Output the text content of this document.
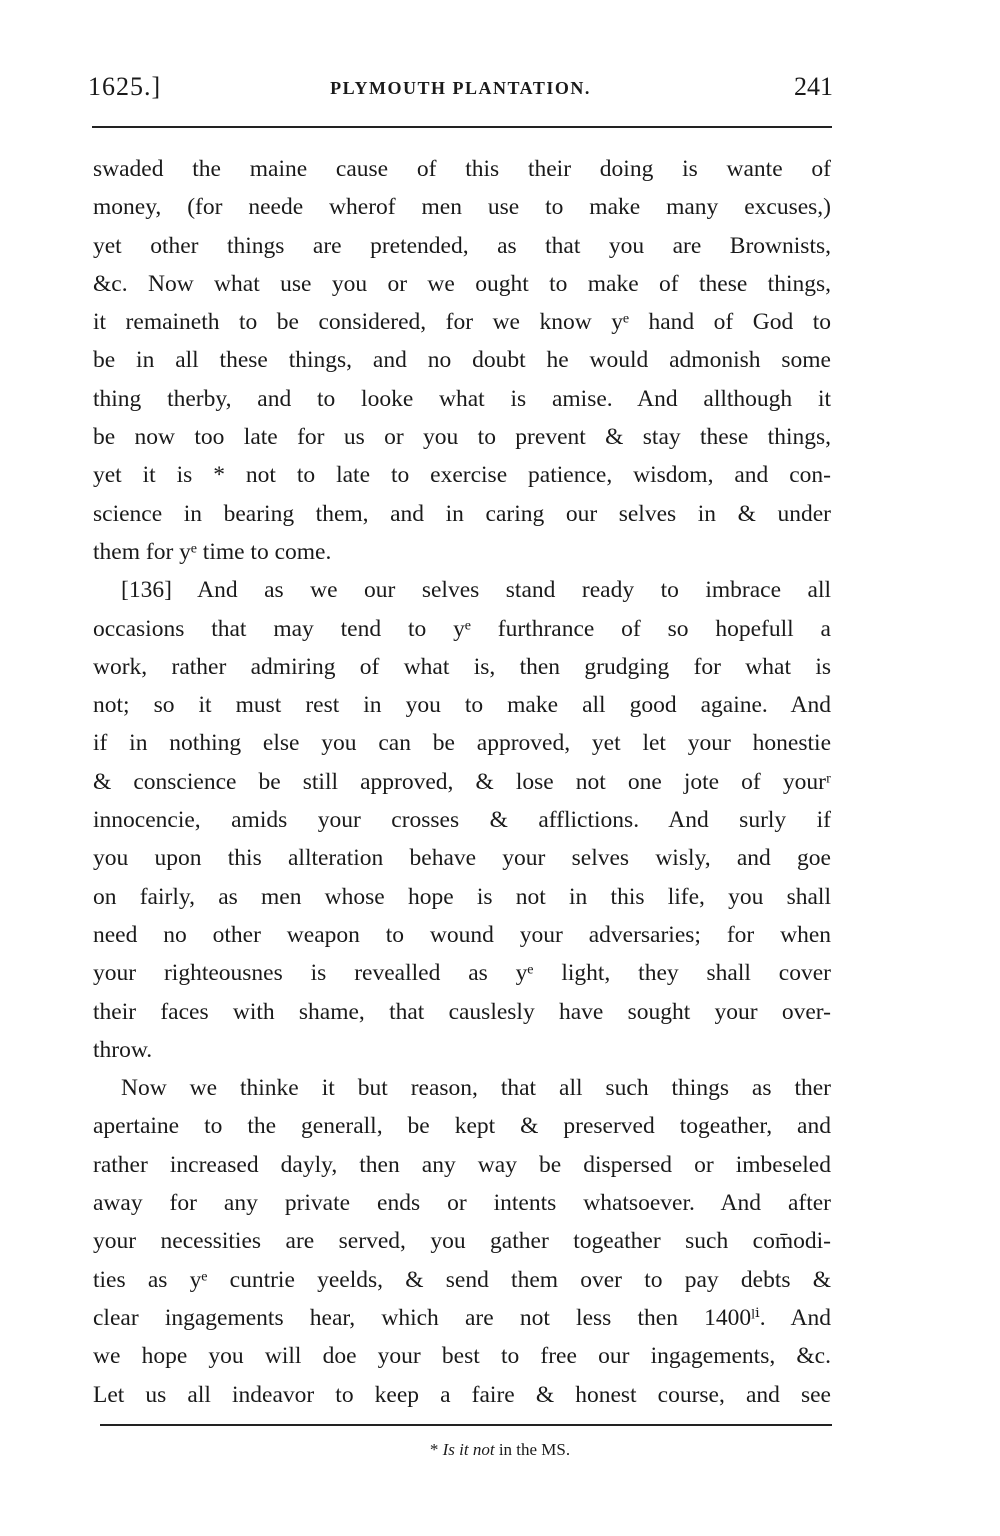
1625.]	PLYMOUTH PLANTATION.	241
swaded the maine cause of this their doing is wante of
money, (for neede wherof men use to make many excuses,)
yet other things are pretended, as that you are Brownists,
&c. Now what use you or we ought to make of these things,
it remaineth to be considered, for we know yᵉ hand of God to
be in all these things, and no doubt he would admonish some
thing therby, and to looke what is amise. And allthough it
be now too late for us or you to prevent & stay these things,
yet it is * not to late to exercise patience, wisdom, and con-
science in bearing them, and in caring our selves in & under
them for yᵉ time to come.
[136] And as we our selves stand ready to imbrace all
occasions that may tend to yᵉ furthrance of so hopefull a
work, rather admiring of what is, then grudging for what is
not; so it must rest in you to make all good againe. And
if in nothing else you can be approved, yet let your honestie
& conscience be still approved, & lose not one jote of yourʳ
innocencie, amids your crosses & afflictions. And surly if
you upon this allteration behave your selves wisly, and goe
on fairly, as men whose hope is not in this life, you shall
need no other weapon to wound your adversaries; for when
your righteousnes is revealled as yᵉ light, they shall cover
their faces with shame, that causlesly have sought your over-
throw.
Now we thinke it but reason, that all such things as ther
apertaine to the generall, be kept & preserved togeather, and
rather increased dayly, then any way be dispersed or imbeseled
away for any private ends or intents whatsoever. And after
your necessities are served, you gather togeather such com̄odi-
ties as yᵉ cuntrie yeelds, & send them over to pay debts &
clear ingagements hear, which are not less then 1400ˡⁱ. And
we hope you will doe your best to free our ingagements, &c.
Let us all indeavor to keep a faire & honest course, and see
* Is it not in the MS.
